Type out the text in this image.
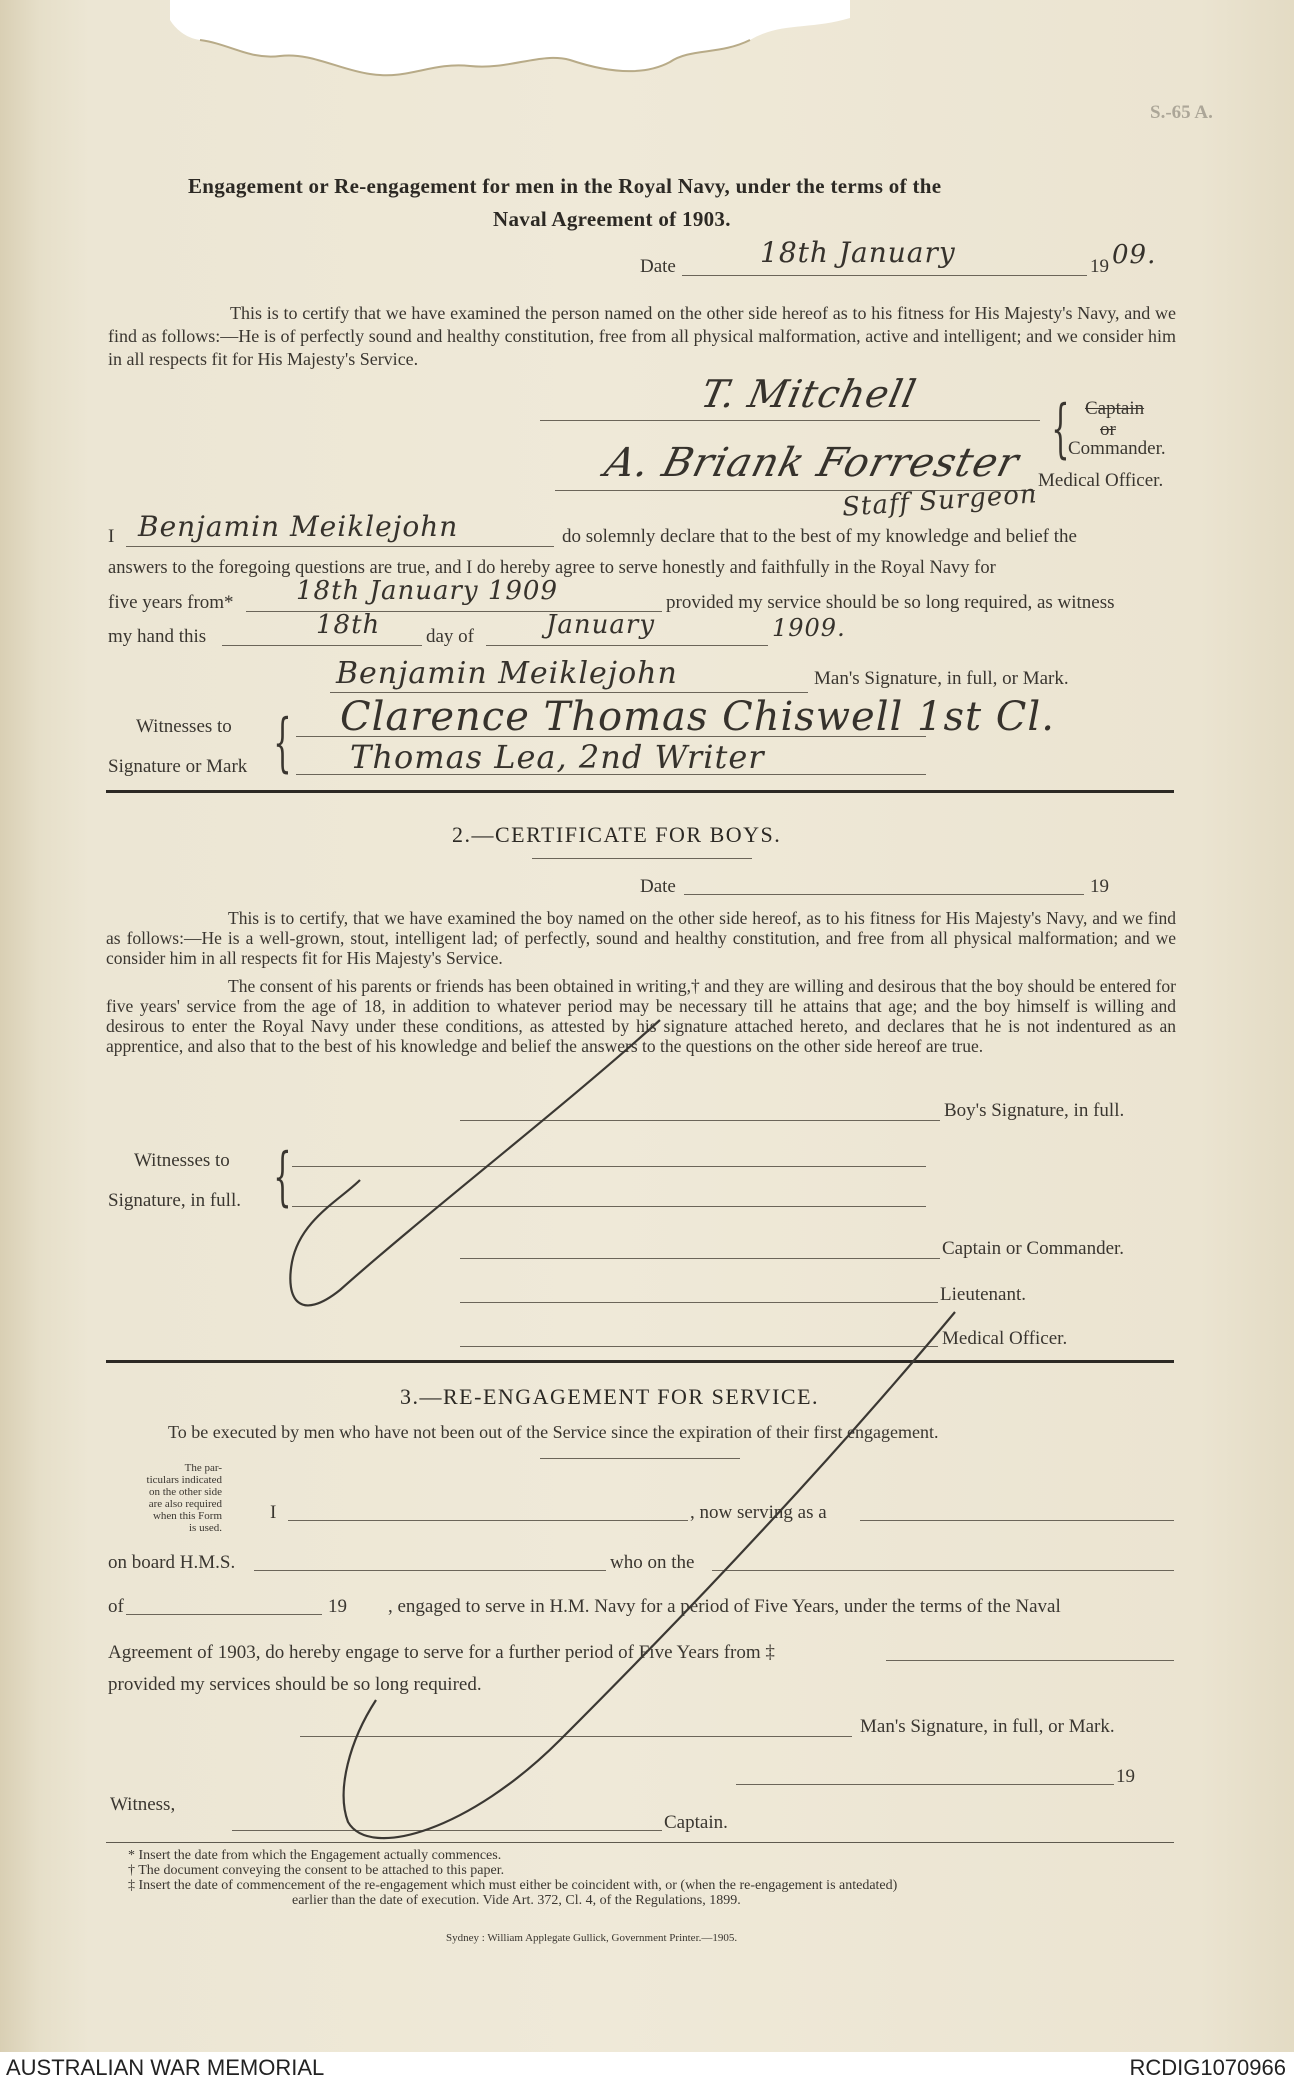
S.-65 A.
Engagement or Re-engagement for men in the Royal Navy, under the terms of the
Naval Agreement of 1903.
Date	18th January	19 09.
This is to certify that we have examined the person named on the other side hereof as to his fitness for His Majesty's Navy, and we find as follows:—He is of perfectly sound and healthy constitution, free from all physical malformation, active and intelligent; and we consider him in all respects fit for His Majesty's Service.
T. Mitchell { Captain
or
Commander.
A. Briank Forrester Medical Officer.
Staff Surgeon
I Benjamin Meiklejohn	do solemnly declare that to the best of my knowledge and belief the
answers to the foregoing questions are true, and I do hereby agree to serve honestly and faithfully in the Royal Navy for
five years from* 18th January 1909	provided my service should be so long required, as witness
my hand this	18th day of	January	1909.
Benjamin Meiklejohn	Man's Signature, in full, or Mark.
Witnesses to
Signature or Mark { Clarence Thomas Chiswell 1st Cl.
Thomas Lea, 2nd Writer
2.—CERTIFICATE FOR BOYS.
Date	19
This is to certify, that we have examined the boy named on the other side hereof, as to his fitness for His Majesty's Navy, and we find as follows:—He is a well-grown, stout, intelligent lad; of perfectly, sound and healthy constitution, and free from all physical malformation; and we consider him in all respects fit for His Majesty's Service.
The consent of his parents or friends has been obtained in writing,† and they are willing and desirous that the boy should be entered for five years' service from the age of 18, in addition to whatever period may be necessary till he attains that age; and the boy himself is willing and desirous to enter the Royal Navy under these conditions, as attested by his signature attached hereto, and declares that he is not indentured as an apprentice, and also that to the best of his knowledge and belief the answers to the questions on the other side hereof are true.
Boy's Signature, in full.
Witnesses to
Signature, in full. {
Captain or Commander.
Lieutenant.
Medical Officer.
3.—RE-ENGAGEMENT FOR SERVICE.
To be executed by men who have not been out of the Service since the expiration of their first engagement.
The par-
ticulars indicated
on the other side
are also required
when this Form
is used.
I	, now serving as a
on board H.M.S.	who on the
of	19 , engaged to serve in H.M. Navy for a period of Five Years, under the terms of the Naval
Agreement of 1903, do hereby engage to serve for a further period of Five Years from ‡
provided my services should be so long required.
Man's Signature, in full, or Mark.
19
Witness,
Captain.
* Insert the date from which the Engagement actually commences.
† The document conveying the consent to be attached to this paper.
‡ Insert the date of commencement of the re-engagement which must either be coincident with, or (when the re-engagement is antedated)
earlier than the date of execution. Vide Art. 372, Cl. 4, of the Regulations, 1899.
Sydney : William Applegate Gullick, Government Printer.—1905.
AUSTRALIAN WAR MEMORIAL	RCDIG1070966
